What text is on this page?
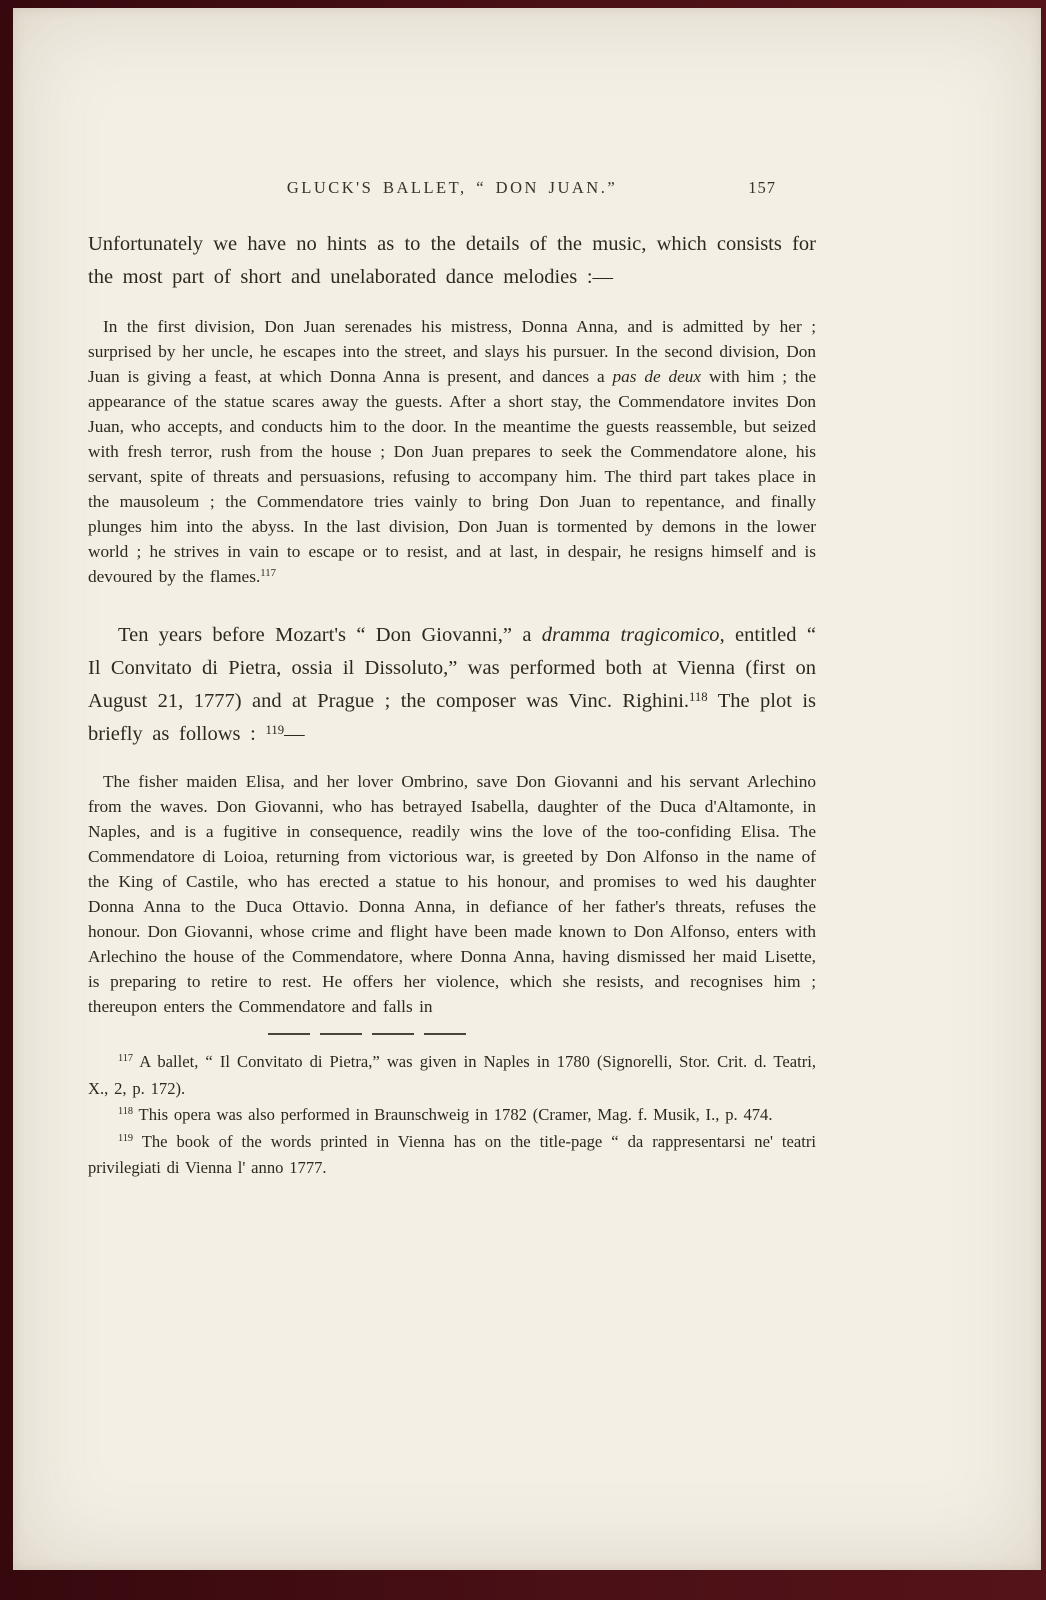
GLUCK'S BALLET, “ DON JUAN.”	157
Unfortunately we have no hints as to the details of the music, which consists for the most part of short and unelaborated dance melodies :—
In the first division, Don Juan serenades his mistress, Donna Anna, and is admitted by her ; surprised by her uncle, he escapes into the street, and slays his pursuer. In the second division, Don Juan is giving a feast, at which Donna Anna is present, and dances a pas de deux with him ; the appearance of the statue scares away the guests. After a short stay, the Commendatore invites Don Juan, who accepts, and conducts him to the door. In the meantime the guests reassemble, but seized with fresh terror, rush from the house ; Don Juan prepares to seek the Commendatore alone, his servant, spite of threats and persuasions, refusing to accompany him. The third part takes place in the mausoleum ; the Commendatore tries vainly to bring Don Juan to repentance, and finally plunges him into the abyss. In the last division, Don Juan is tormented by demons in the lower world ; he strives in vain to escape or to resist, and at last, in despair, he resigns himself and is devoured by the flames.$^{117}$
Ten years before Mozart's “ Don Giovanni,” a dramma tragicomico, entitled “ Il Convitato di Pietra, ossia il Dissoluto,” was performed both at Vienna (first on August 21, 1777) and at Prague ; the composer was Vinc. Righini.$^{118}$ The plot is briefly as follows : $^{119}$—
The fisher maiden Elisa, and her lover Ombrino, save Don Giovanni and his servant Arlechino from the waves. Don Giovanni, who has betrayed Isabella, daughter of the Duca d'Altamonte, in Naples, and is a fugitive in consequence, readily wins the love of the too-confiding Elisa. The Commendatore di Loioa, returning from victorious war, is greeted by Don Alfonso in the name of the King of Castile, who has erected a statue to his honour, and promises to wed his daughter Donna Anna to the Duca Ottavio. Donna Anna, in defiance of her father's threats, refuses the honour. Don Giovanni, whose crime and flight have been made known to Don Alfonso, enters with Arlechino the house of the Commendatore, where Donna Anna, having dismissed her maid Lisette, is preparing to retire to rest. He offers her violence, which she resists, and recognises him ; thereupon enters the Commendatore and falls in
$^{117}$ A ballet, “ Il Convitato di Pietra,” was given in Naples in 1780 (Signorelli, Stor. Crit. d. Teatri, X., 2, p. 172).
$^{118}$ This opera was also performed in Braunschweig in 1782 (Cramer, Mag. f. Musik, I., p. 474.
$^{119}$ The book of the words printed in Vienna has on the title-page “ da rappresentarsi ne' teatri privilegiati di Vienna l' anno 1777.
